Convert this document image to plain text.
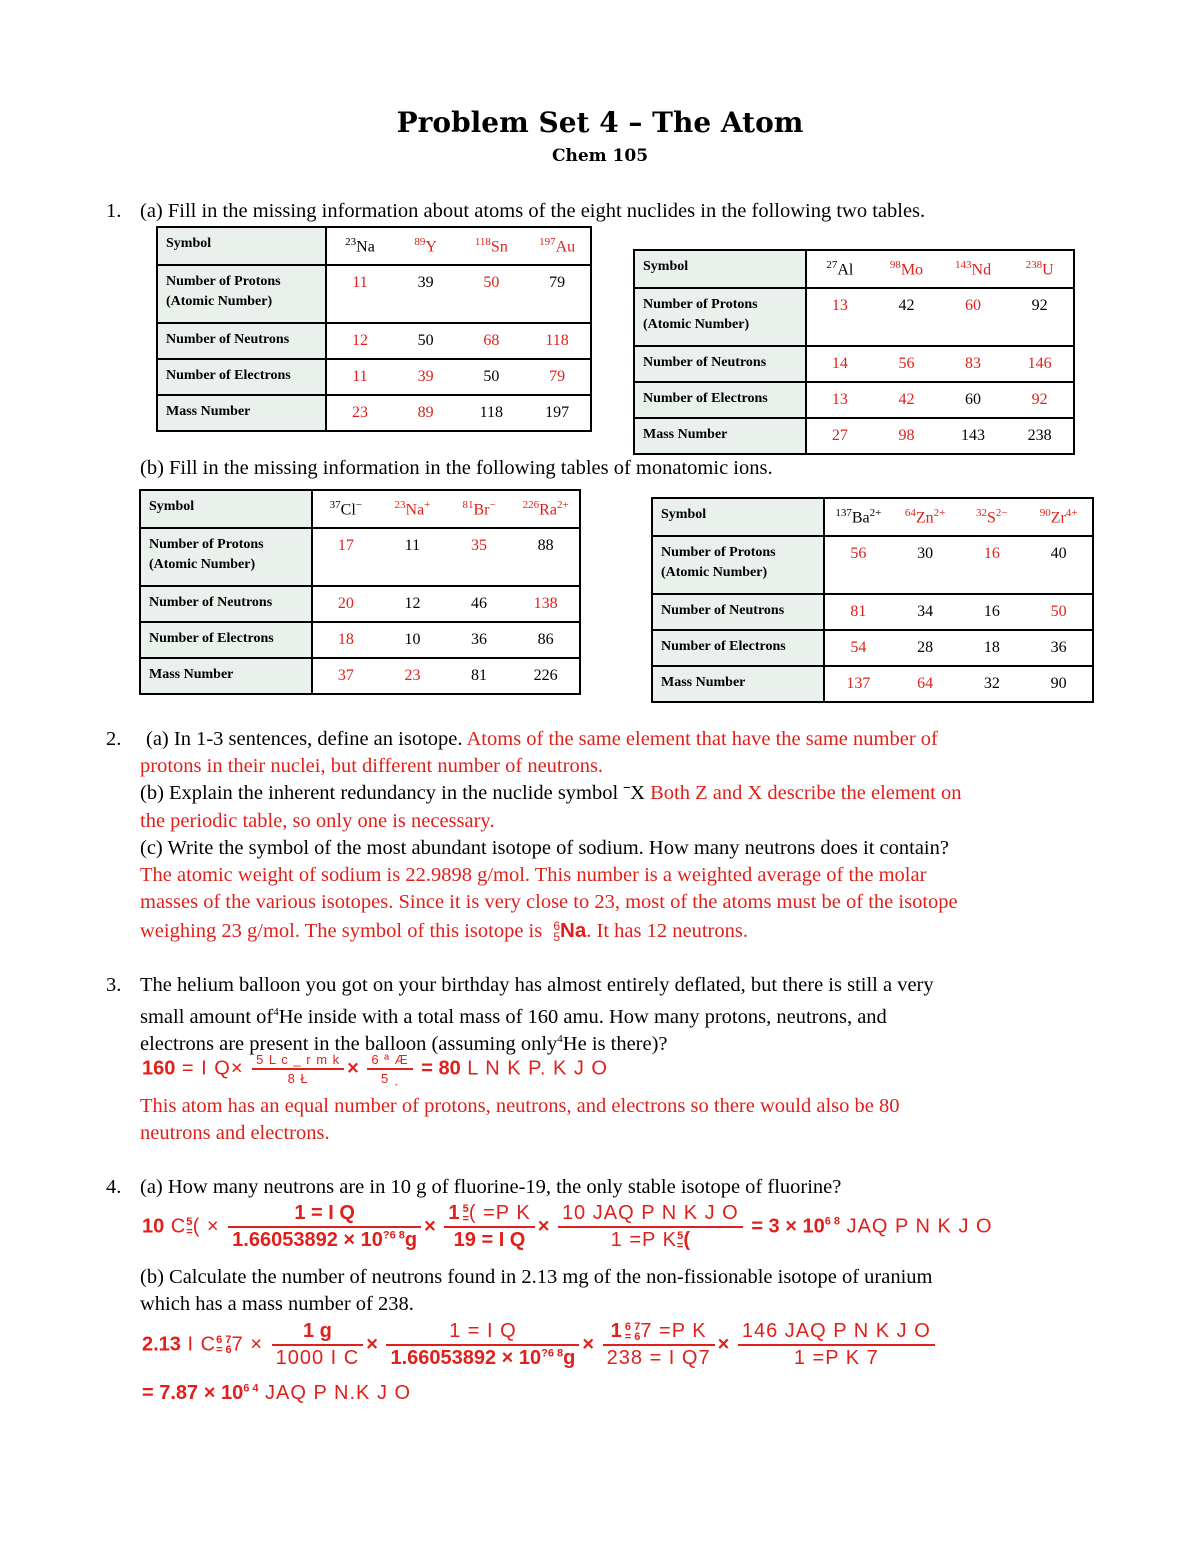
Problem Set 4 – The Atom
Chem 105
1. (a) Fill in the missing information about atoms of the eight nuclides in the following two tables.
Symbol	$^{23}$Na	$^{89}$Y	$^{118}$Sn	$^{197}$Au
Number of Protons (Atomic Number)	11	39	50	79
Number of Neutrons	12	50	68	118
Number of Electrons	11	39	50	79
Mass Number	23	89	118	197
Symbol	$^{27}$Al	$^{98}$Mo	$^{143}$Nd	$^{238}$U
Number of Protons (Atomic Number)	13	42	60	92
Number of Neutrons	14	56	83	146
Number of Electrons	13	42	60	92
Mass Number	27	98	143	238
(b) Fill in the missing information in the following tables of monatomic ions.
Symbol	$^{37}$Cl−	$^{23}$Na+	$^{81}$Br−	$^{226}Ra^{2+}$
Number of Protons (Atomic Number)	17	11	35	88
Number of Neutrons	20	12	46	138
Number of Electrons	18	10	36	86
Mass Number	37	23	81	226
Symbol	$^{137}Ba^{2+}$	$^{64}Zn^{2+}$	$^{32}S^{2-}$	$^{90}Zr^{4+}$
Number of Protons (Atomic Number)	56	30	16	40
Number of Neutrons	81	34	16	50
Number of Electrons	54	28	18	36
Mass Number	137	64	32	90
2. (a) In 1-3 sentences, define an isotope. Atoms of the same element that have the same number of
protons in their nuclei, but different number of neutrons.
(b) Explain the inherent redundancy in the nuclide symbol ˉX Both Z and X describe the element on
the periodic table, so only one is necessary.
(c) Write the symbol of the most abundant isotope of sodium. How many neutrons does it contain?
The atomic weight of sodium is 22.9898 g/mol. This number is a weighted average of the molar
masses of the various isotopes. Since it is very close to 23, most of the atoms must be of the isotope
weighing 23 g/mol. The symbol of this isotope is 6
5 Na. It has 12 neutrons.
3. The helium balloon you got on your birthday has almost entirely deflated, but there is still a very
small amount $of^4He$ inside with a total mass of 160 amu. How many protons, neutrons, and
electrons are present in the balloon (assuming only$^4$He is there)?
160 = I $Q\times \frac{\text{5 L c \_ r m k}}{8 Ł} \times \frac{\text{6 ª Æ}}{\text{5 ˏ}} = 80$ L N K P. K J O
This atom has an equal number of protons, neutrons, and electrons so there would also be 80
neutrons and electrons.
4. (a) How many neutrons are in 10 g of fluorine-19, the only stable isotope of fluorine?
10 C 5
= ( × $\frac{\text{1 = I Q}}{1.66053892 \times 10^{?6 8}g} \times 1$ 5
= ( =P K
19 = I Q × 10 JAQ P N K J O
1 =P K 5
= ( = $3 \times 10^{6 8}$ JAQ P N K J O
(b) Calculate the number of neutrons found in 2.13 mg of the non-fissionable isotope of uranium
which has a mass number of 238.
2.13 I C 6 7
= 6 $7 \times \frac{1 g}{\text{1000 I C}} \times \frac{\text{1 = I Q}}{1.66053892 \times 10^{?6 8}g} \times 1$ 6 7
= 6 7 =P K
238 = I $Q7 \times \frac{\text{146 JAQ P N K J O}}{\text{1 =P K 7}}$
= $7.87 \times 10^{6 4}$ JAQ P N.K J O
